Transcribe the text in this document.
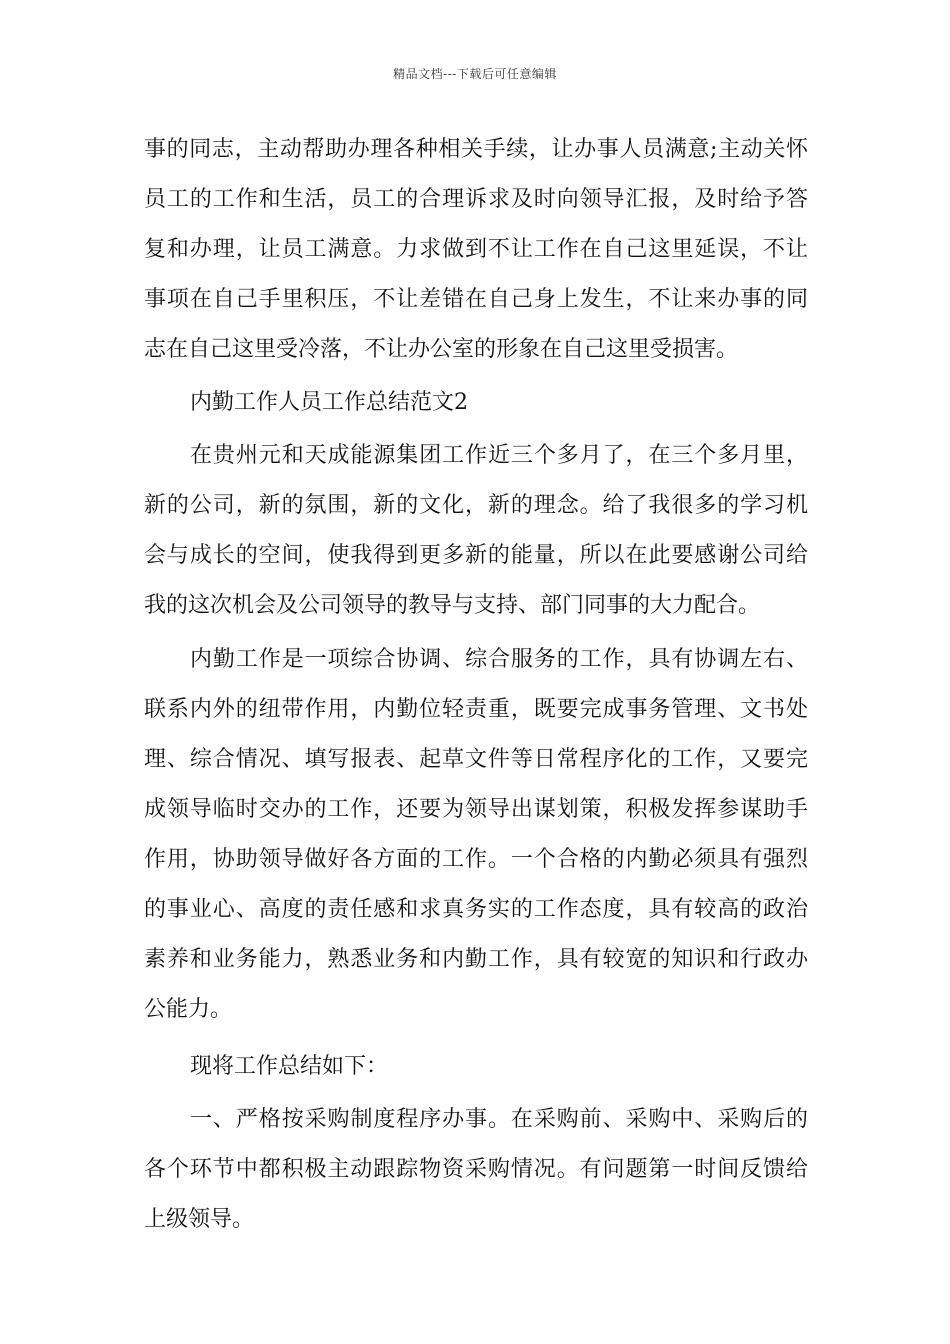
精品文档---下载后可任意编辑
事的同志，主动帮助办理各种相关手续，让办事人员满意;主动关怀
员工的工作和生活，员工的合理诉求及时向领导汇报，及时给予答
复和办理，让员工满意。力求做到不让工作在自己这里延误，不让
事项在自己手里积压，不让差错在自己身上发生，不让来办事的同
志在自己这里受冷落，不让办公室的形象在自己这里受损害。
内勤工作人员工作总结范文2
在贵州元和天成能源集团工作近三个多月了，在三个多月里，
新的公司，新的氛围，新的文化，新的理念。给了我很多的学习机
会与成长的空间，使我得到更多新的能量，所以在此要感谢公司给
我的这次机会及公司领导的教导与支持、部门同事的大力配合。
内勤工作是一项综合协调、综合服务的工作，具有协调左右、
联系内外的纽带作用，内勤位轻责重，既要完成事务管理、文书处
理、综合情况、填写报表、起草文件等日常程序化的工作，又要完
成领导临时交办的工作，还要为领导出谋划策，积极发挥参谋助手
作用，协助领导做好各方面的工作。一个合格的内勤必须具有强烈
的事业心、高度的责任感和求真务实的工作态度，具有较高的政治
素养和业务能力，熟悉业务和内勤工作，具有较宽的知识和行政办
公能力。
现将工作总结如下：
一、严格按采购制度程序办事。在采购前、采购中、采购后的
各个环节中都积极主动跟踪物资采购情况。有问题第一时间反馈给
上级领导。
